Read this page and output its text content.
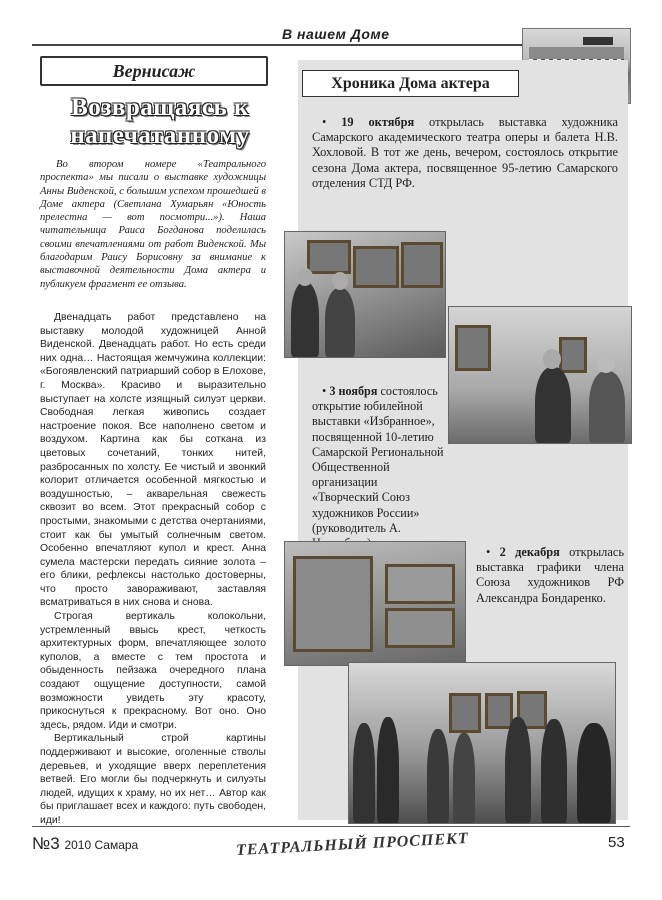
В нашем Доме
Вернисаж
Возвращаясь к напечатанному
Во втором номере «Театрального проспекта» мы писали о выставке художницы Анны Виденской, с большим успехом прошедшей в Доме актера (Светлана Хумарьян «Юность прелестна — вот посмотри...»). Наша читательница Раиса Богданова поделилась своими впечатлениями от работ Виденской. Мы благодарим Раису Борисовну за внимание к выставочной деятельности Дома актера и публикуем фрагмент ее отзыва.

Двенадцать работ представлено на выставку молодой художницей Анной Виденской. Двенадцать работ. Но есть среди них одна… Настоящая жемчужина коллекции: «Богоявленский патриарший собор в Елохове, г. Москва». Красиво и выразительно выступает на холсте изящный силуэт церкви. Свободная легкая живопись создает настроение покоя. Все наполнено светом и воздухом. Картина как бы соткана из цветовых сочетаний, тонких нитей, разбросанных по холсту. Ее чистый и звонкий колорит отличается особенной мягкостью и воздушностью, – акварельная свежесть сквозит во всем. Этот прекрасный собор с простыми, знакомыми с детства очертаниями, стоит как бы умытый солнечным светом. Особенно впечатляют купол и крест. Анна сумела мастерски передать сияние золота – его блики, рефлексы настолько достоверны, что просто завораживают, заставляя всматриваться в них снова и снова.

Строгая вертикаль колокольни, устремленный ввысь крест, четкость архитектурных форм, впечатляющее золото куполов, а вместе с тем простота и обыденность пейзажа очередного плана создают ощущение доступности, самой возможности увидеть эту красоту, прикоснуться к прекрасному. Вот оно. Оно здесь, рядом. Иди и смотри.

Вертикальный строй картины поддерживают и высокие, оголенные стволы деревьев, и уходящие вверх переплетения ветвей. Его могли бы подчеркнуть и силуэты людей, идущих к храму, но их нет… Автор как бы приглашает всех и каждого: путь свободен, иди!

Хроника Дома актера
• 19 октября открылась выставка художника Самарского академического театра оперы и балета Н.В. Хохловой. В тот же день, вечером, состоялось открытие сезона Дома актера, посвященное 95-летию Самарского отделения СТД РФ.
• 3 ноября состоялось открытие юбилейной выставки «Избранное», посвященной 10-летию Самарской Региональной Общественной организации «Творческий Союз художников России» (руководитель А.
• 2 декабря открылась выставка графики члена Союза художников РФ Александра Бондаренко.
№3 2010 Самара	ТЕАТРАЛЬНЫЙ ПРОСПЕКТ	53
